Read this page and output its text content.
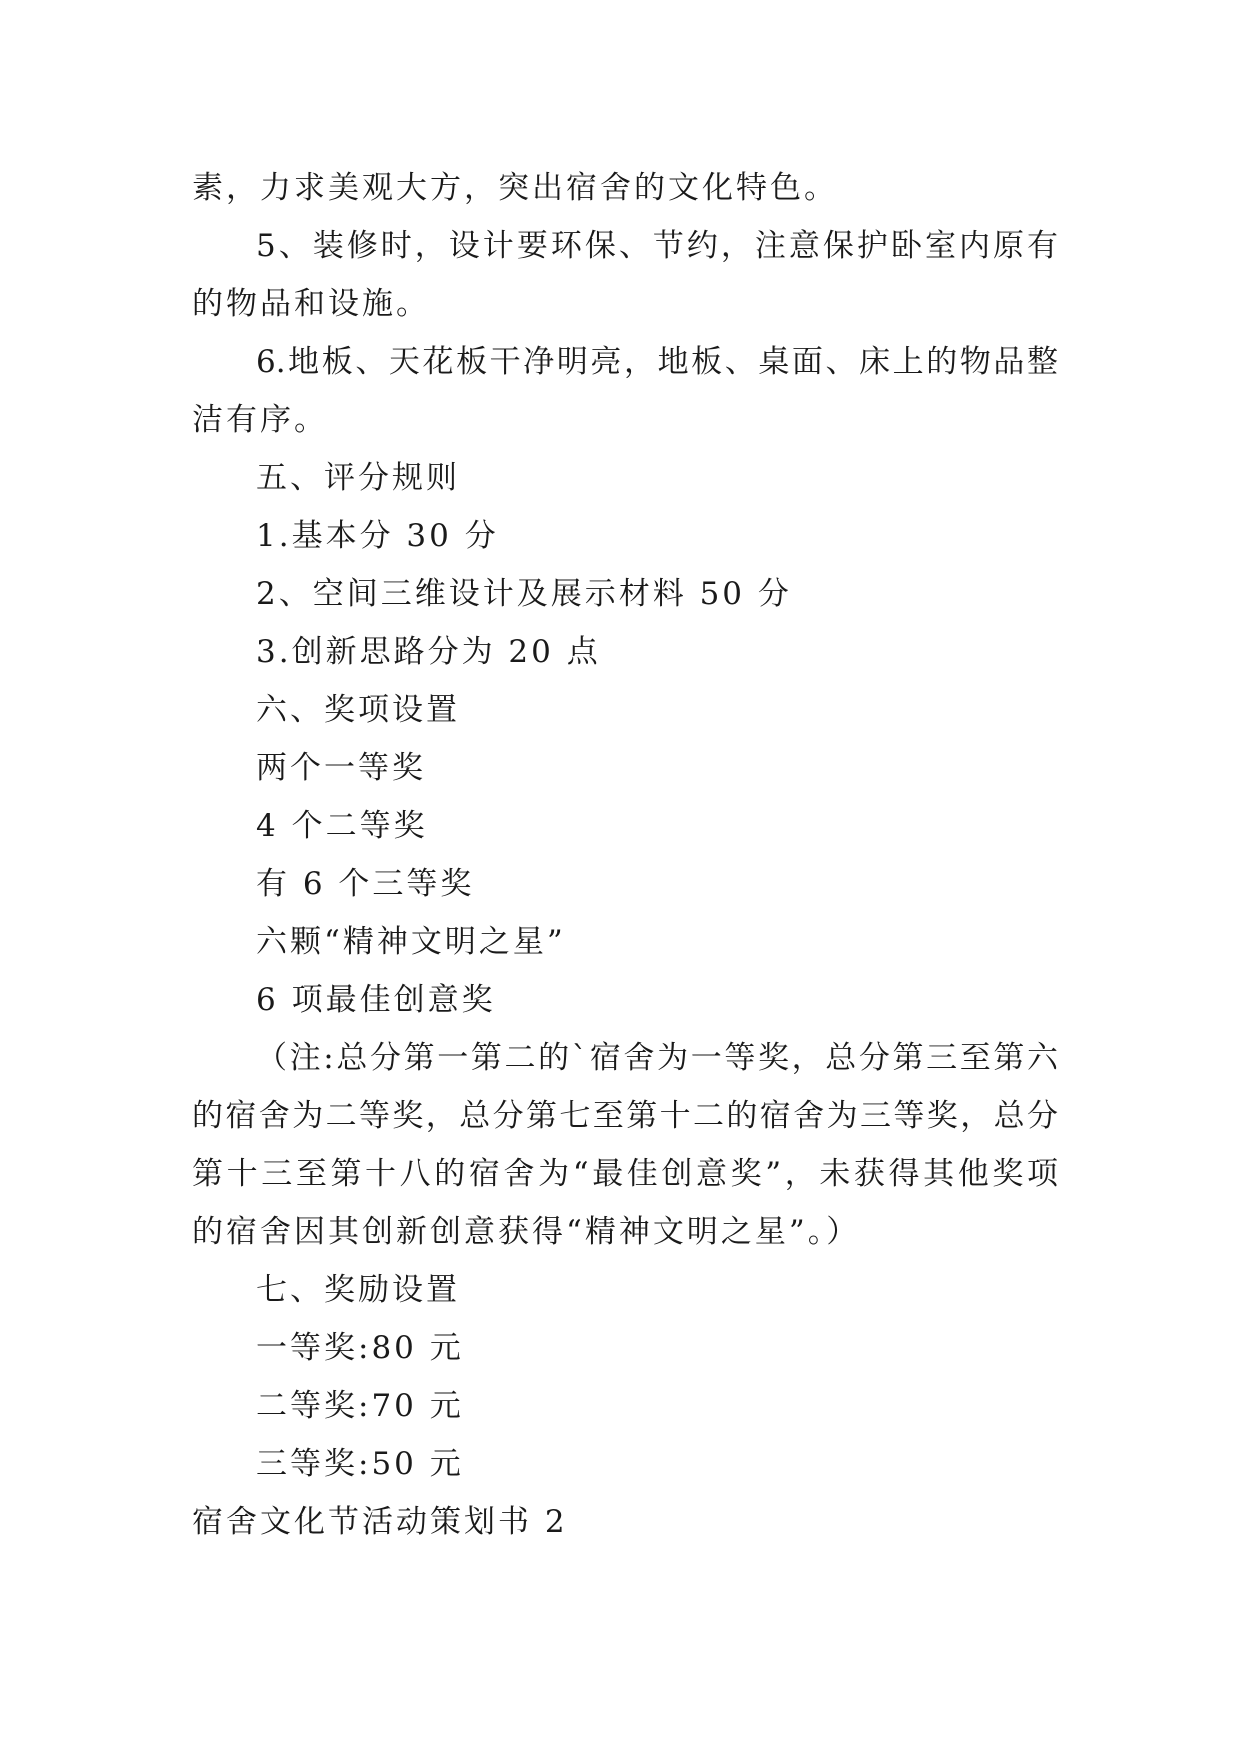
素，力求美观大方，突出宿舍的文化特色。
5、装修时，设计要环保、节约，注意保护卧室内原有
的物品和设施。
6.地板、天花板干净明亮，地板、桌面、床上的物品整
洁有序。
五、评分规则
1.基本分 30 分
2、空间三维设计及展示材料 50 分
3.创新思路分为 20 点
六、奖项设置
两个一等奖
4 个二等奖
有 6 个三等奖
六颗“精神文明之星”
6 项最佳创意奖
（注:总分第一第二的`宿舍为一等奖，总分第三至第六
的宿舍为二等奖，总分第七至第十二的宿舍为三等奖，总分
第十三至第十八的宿舍为“最佳创意奖”，未获得其他奖项
的宿舍因其创新创意获得“精神文明之星”。）
七、奖励设置
一等奖:80 元
二等奖:70 元
三等奖:50 元
宿舍文化节活动策划书 2
